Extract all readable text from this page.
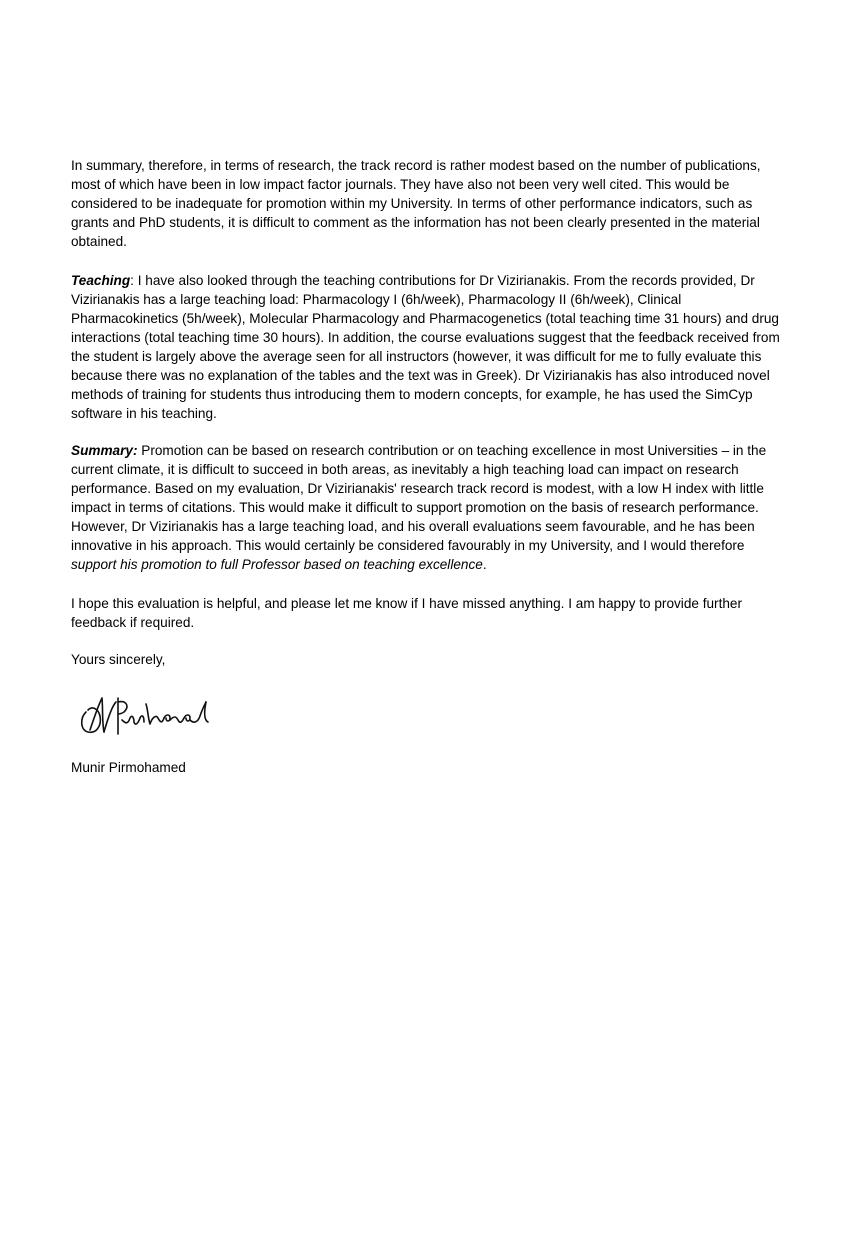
In summary, therefore, in terms of research, the track record is rather modest based on the number of publications, most of which have been in low impact factor journals. They have also not been very well cited. This would be considered to be inadequate for promotion within my University. In terms of other performance indicators, such as grants and PhD students, it is difficult to comment as the information has not been clearly presented in the material obtained.

Teaching: I have also looked through the teaching contributions for Dr Vizirianakis. From the records provided, Dr Vizirianakis has a large teaching load: Pharmacology I (6h/week), Pharmacology II (6h/week), Clinical Pharmacokinetics (5h/week), Molecular Pharmacology and Pharmacogenetics (total teaching time 31 hours) and drug interactions (total teaching time 30 hours). In addition, the course evaluations suggest that the feedback received from the student is largely above the average seen for all instructors (however, it was difficult for me to fully evaluate this because there was no explanation of the tables and the text was in Greek). Dr Vizirianakis has also introduced novel methods of training for students thus introducing them to modern concepts, for example, he has used the SimCyp software in his teaching.

Summary: Promotion can be based on research contribution or on teaching excellence in most Universities – in the current climate, it is difficult to succeed in both areas, as inevitably a high teaching load can impact on research performance. Based on my evaluation, Dr Vizirianakis' research track record is modest, with a low H index with little impact in terms of citations. This would make it difficult to support promotion on the basis of research performance. However, Dr Vizirianakis has a large teaching load, and his overall evaluations seem favourable, and he has been innovative in his approach. This would certainly be considered favourably in my University, and I would therefore support his promotion to full Professor based on teaching excellence.

I hope this evaluation is helpful, and please let me know if I have missed anything. I am happy to provide further feedback if required.

Yours sincerely,

Munir Pirmohamed
